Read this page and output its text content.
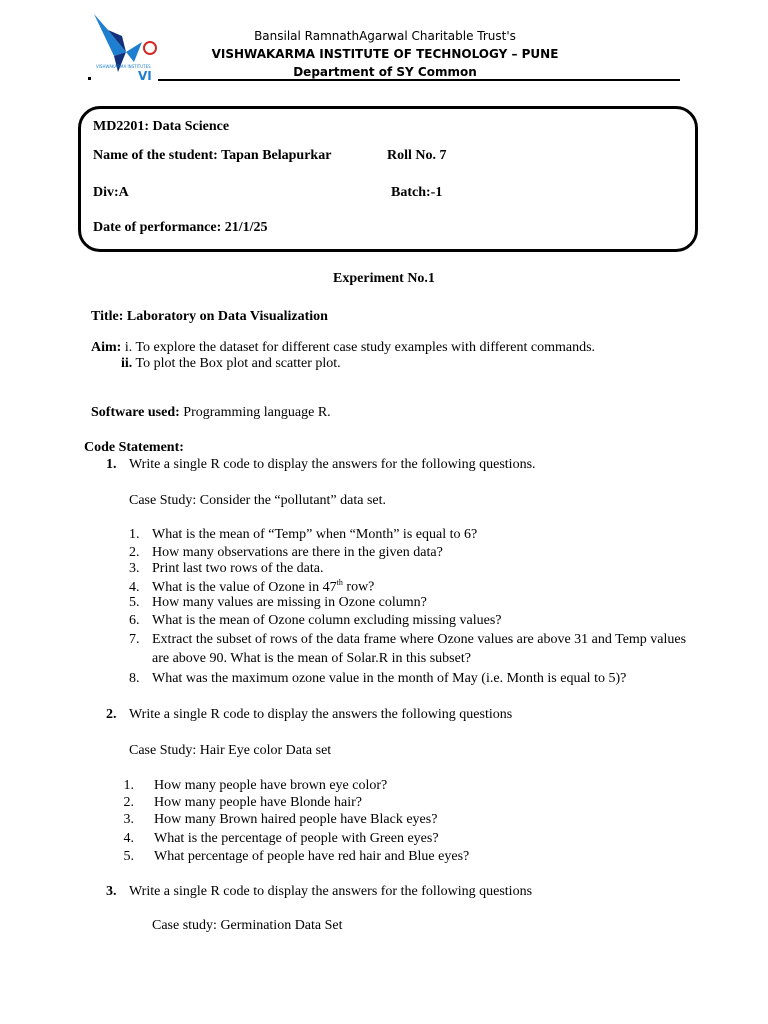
VISHWAKARMA INSTITUTES
VI
Bansilal RamnathAgarwal Charitable Trust's
VISHWAKARMA INSTITUTE OF TECHNOLOGY – PUNE
Department of SY Common
MD2201: Data Science
Name of the student: Tapan Belapurkar	Roll No. 7
Div:A	Batch:-1
Date of performance: 21/1/25
Experiment No.1
Title: Laboratory on Data Visualization
Aim: i. To explore the dataset for different case study examples with different commands.
ii. To plot the Box plot and scatter plot.
Software used: Programming language R.
Code Statement:
1. Write a single R code to display the answers for the following questions.
Case Study: Consider the “pollutant” data set.
1. What is the mean of “Temp” when “Month” is equal to 6?
2. How many observations are there in the given data?
3. Print last two rows of the data.
4. What is the value of Ozone in 47th row?
5. How many values are missing in Ozone column?
6. What is the mean of Ozone column excluding missing values?
7. Extract the subset of rows of the data frame where Ozone values are above 31 and Temp values
are above 90. What is the mean of Solar.R in this subset?
8. What was the maximum ozone value in the month of May (i.e. Month is equal to 5)?
2. Write a single R code to display the answers the following questions
Case Study: Hair Eye color Data set
1. How many people have brown eye color?
2. How many people have Blonde hair?
3. How many Brown haired people have Black eyes?
4. What is the percentage of people with Green eyes?
5. What percentage of people have red hair and Blue eyes?
3. Write a single R code to display the answers for the following questions
Case study: Germination Data Set
